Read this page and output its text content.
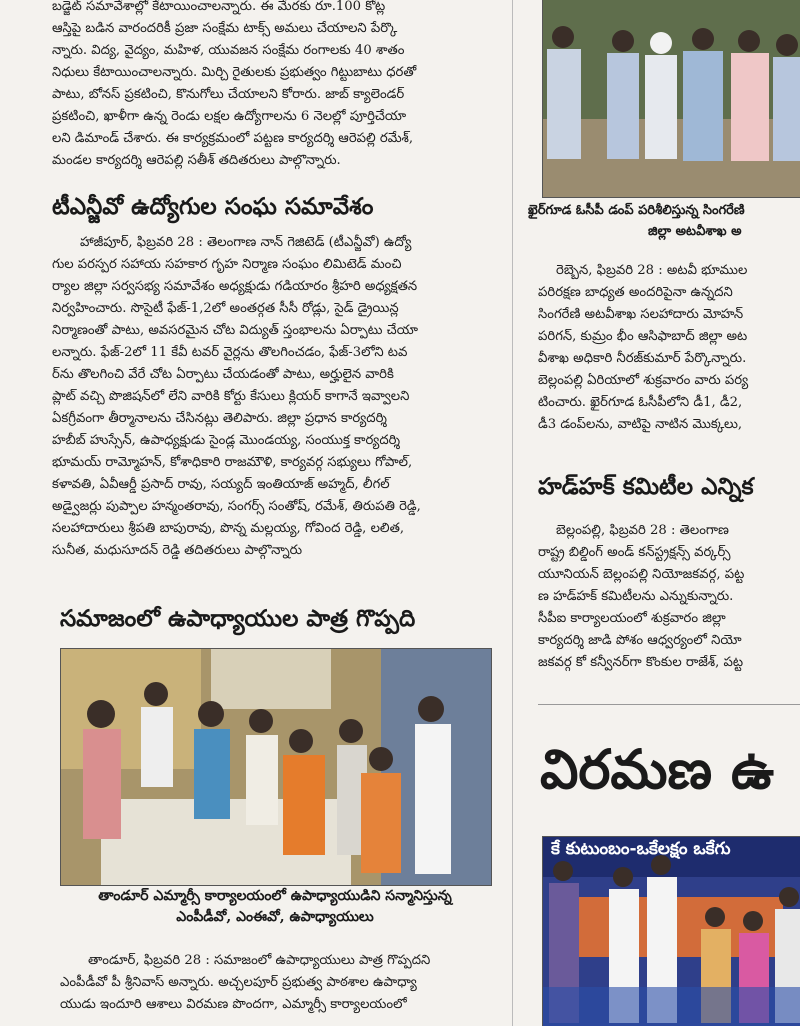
బడ్జెట్ సమావేశాల్లో కేటాయించాలన్నారు. ఈ మేరకు రూ.100 కోట్ల
ఆస్తిపై బడిన వారందరికీ ప్రజా సంక్షేమ టాక్స్ అమలు చేయాలని పేర్కొ
న్నారు. విద్య, వైద్యం, మహిళ, యువజన సంక్షేమ రంగాలకు 40 శాతం
నిధులు కేటాయించాలన్నారు. మిర్చి రైతులకు ప్రభుత్వం గిట్టుబాటు ధరతో
పాటు, బోనస్ ప్రకటించి, కొనుగోలు చేయాలని కోరారు. జాబ్ క్యాలెండర్
ప్రకటించి, ఖాళీగా ఉన్న రెండు లక్షల ఉద్యోగాలను 6 నెలల్లో పూర్తిచేయా
లని డిమాండ్ చేశారు. ఈ కార్యక్రమంలో పట్టణ కార్యదర్శి ఆరెపల్లి రమేశ్,
మండల కార్యదర్శి ఆరెపల్లి సతీశ్ తదితరులు పాల్గొన్నారు.
టీఎన్జీవో ఉద్యోగుల సంఘ సమావేశం
హాజీపూర్, ఫిబ్రవరి 28 : తెలంగాణ నాన్ గెజిటెడ్ (టీఎన్జీవో) ఉద్యో
గుల పరస్పర సహాయ సహకార గృహ నిర్మాణ సంఘం లిమిటెడ్ మంచి
ర్యాల జిల్లా సర్వసభ్య సమావేశం అధ్యక్షుడు గడియారం శ్రీహరి అధ్యక్షతన
నిర్వహించారు. సొసైటీ ఫేజ్-1,2లో అంతర్గత సీసీ రోడ్లు, సైడ్ డ్రైయిన్ల
నిర్మాణంతో పాటు, అవసరమైన చోట విద్యుత్ స్తంభాలను ఏర్పాటు చేయా
లన్నారు. ఫేజ్-2లో 11 కేవీ టవర్ వైర్లను తొలగించడం, ఫేజ్-3లోని టవ
ర్‌ను తొలగించి వేరే చోట ఏర్పాటు చేయడంతో పాటు, అర్హులైన వారికి
ప్లాట్ వచ్చి పొజిషన్‌లో లేని వారికి కోర్టు కేసులు క్లియర్ కాగానే ఇవ్వాలని
ఏకగ్రీవంగా తీర్మానాలను చేసినట్లు తెలిపారు. జిల్లా ప్రధాన కార్యదర్శి
హబీబ్ హుస్సేన్, ఉపాధ్యక్షుడు సైండ్ల మొండయ్య, సంయుక్త కార్యదర్శి
భూమయ్ రామ్మోహన్, కోశాధికారి రాజమౌళి, కార్యవర్గ సభ్యులు గోపాల్,
కళావతి, ఏవీఆర్డీ ప్రసాద్ రావు, సయ్యద్ ఇంతియాజ్ అహ్మద్, లీగల్
అడ్వైజర్లు పుప్పాల హన్మంతరావు, సంగర్స్ సంతోష్, రమేశ్, తిరుపతి రెడ్డి,
సలహాదారులు శ్రీపతి బాపురావు, పొన్న మల్లయ్య, గోవింద రెడ్డి, లలిత,
సునీత, మధుసూదన్ రెడ్డి తదితరులు పాల్గొన్నారు
సమాజంలో ఉపాధ్యాయుల పాత్ర గొప్పది

తాండూర్ ఎమ్మార్సీ కార్యాలయంలో ఉపాధ్యాయుడిని సన్మానిస్తున్న

ఎంపీడీవో, ఎంఈవో, ఉపాధ్యాయులు

తాండూర్, ఫిబ్రవరి 28 : సమాజంలో ఉపాధ్యాయులు పాత్ర గొప్పదని
ఎంపీడీవో పీ శ్రీనివాస్ అన్నారు. అచ్చలపూర్ ప్రభుత్వ పాఠశాల ఉపాధ్యా
యుడు ఇందూరి ఆశాలు విరమణ పొందగా, ఎమ్మార్సీ కార్యాలయంలో

ఖైర్‌గూడ ఓసీపీ డంప్ పరిశీలిస్తున్న సింగరేణి

జిల్లా అటవీశాఖ అ

రెబ్బెన, ఫిబ్రవరి 28 : అటవీ భూముల
పరిరక్షణ బాధ్యత అందరిపైనా ఉన్నదని
సింగరేణి అటవీశాఖ సలహాదారు మోహన్
పరిగన్, కుమ్రం భీం ఆసిఫాబాద్ జిల్లా అట
వీశాఖ అధికారి నీరజ్‌కుమార్ పేర్కొన్నారు.
బెల్లంపల్లి ఏరియాలో శుక్రవారం వారు పర్య
టించారు. ఖైర్‌గూడ ఓసీపీలోని డీ1, డీ2,
డీ3 డంప్‌లను, వాటిపై నాటిన మొక్కలు,
హడ్‌హక్ కమిటీల ఎన్నిక
బెల్లంపల్లి, ఫిబ్రవరి 28 : తెలంగాణ
రాష్ట్ర బిల్డింగ్ అండ్ కన్‌స్ట్రక్షన్స్ వర్కర్స్
యూనియన్ బెల్లంపల్లి నియోజకవర్గ, పట్ట
ణ హడ్‌హక్ కమిటీలను ఎన్నుకున్నారు.
సీపీఐ కార్యాలయంలో శుక్రవారం జిల్లా
కార్యదర్శి జాడి పోశం ఆధ్వర్యంలో నియో
జకవర్గ కో కన్వీనర్‌గా కొంకుల రాజేశ్, పట్ట
విరమణ ఉ
కే కుటుంబం-ఒకేలక్షం ఒకేగు
